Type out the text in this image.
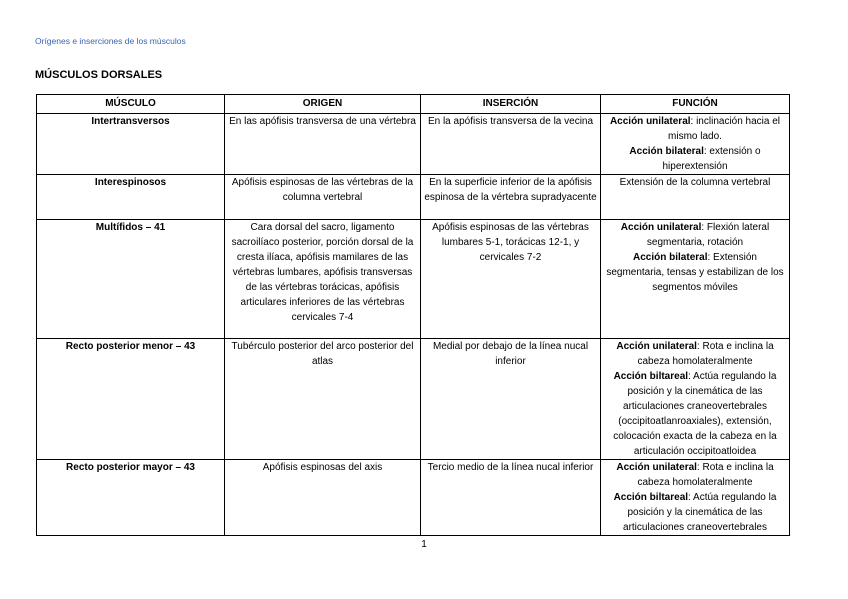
Orígenes e inserciones de los músculos
MÚSCULOS DORSALES
MÚSCULO	ORIGEN	INSERCIÓN	FUNCIÓN
Intertransversos	En las apófisis transversa de una vértebra	En la apófisis transversa de la vecina	Acción unilateral: inclinación hacia el mismo lado.
Acción bilateral: extensión o hiperextensión

Interespinosos	Apófisis espinosas de las vértebras de la columna vertebral	En la superficie inferior de la apófisis espinosa de la vértebra supradyacente	Extensión de la columna vertebral

Multífidos – 41	Cara dorsal del sacro, ligamento sacroilíaco posterior, porción dorsal de la cresta ilíaca, apófisis mamilares de las vértebras lumbares, apófisis transversas de las vértebras torácicas, apófisis articulares inferiores de las vértebras cervicales 7-4	Apófisis espinosas de las vértebras lumbares 5-1, torácicas 12-1, y cervicales 7-2	Acción unilateral: Flexión lateral segmentaria, rotación
Acción bilateral: Extensión segmentaria, tensas y estabilizan de los segmentos móviles

Recto posterior menor – 43	Tubérculo posterior del arco posterior del atlas	Medial por debajo de la línea nucal inferior	Acción unilateral: Rota e inclina la cabeza homolateralmente
Acción biltareal: Actúa regulando la posición y la cinemática de las articulaciones craneovertebrales (occipitoatlanroaxiales), extensión, colocación exacta de la cabeza en la articulación occipitoatloidea

Recto posterior mayor – 43	Apófisis espinosas del axis	Tercio medio de la línea nucal inferior	Acción unilateral: Rota e inclina la cabeza homolateralmente
Acción biltareal: Actúa regulando la posición y la cinemática de las articulaciones craneovertebrales
1
